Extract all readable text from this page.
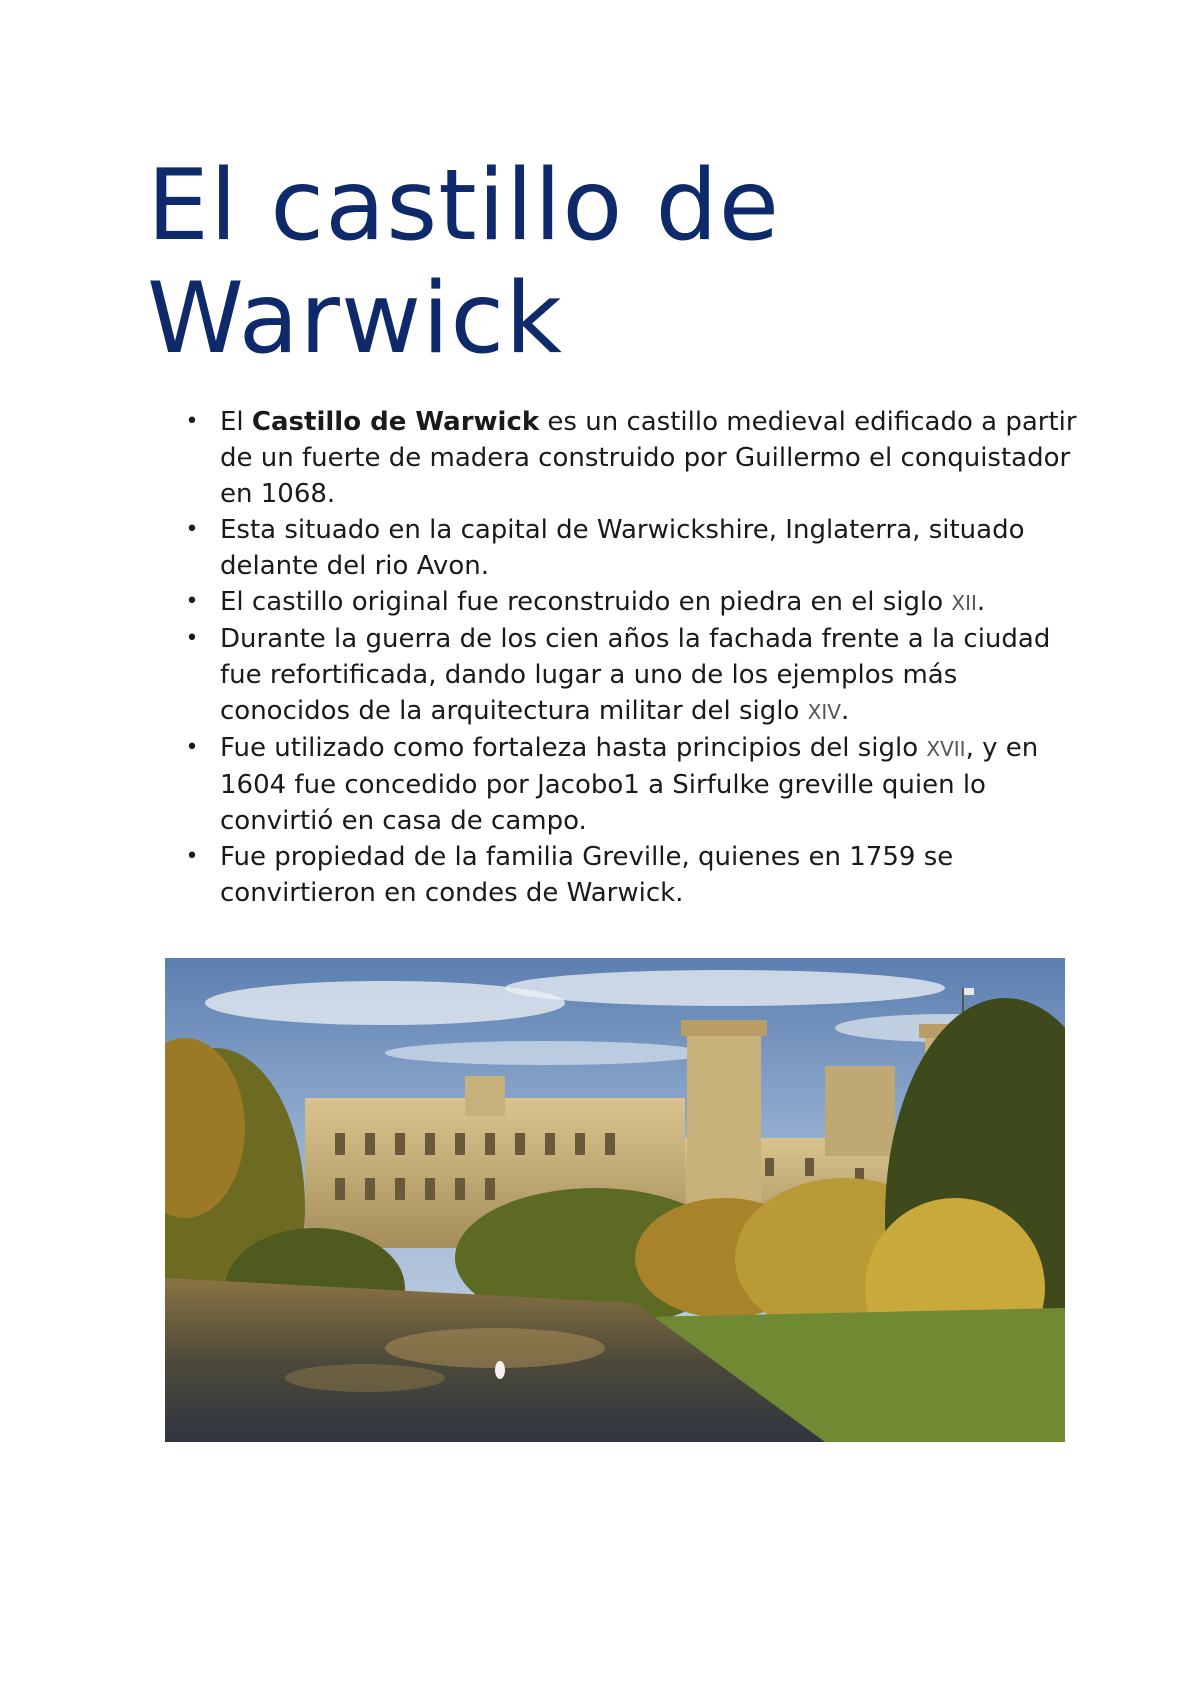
El castillo de Warwick
• El Castillo de Warwick es un castillo medieval edificado a partir de un fuerte de madera construido por Guillermo el conquistador en 1068.
• Esta situado en la capital de Warwickshire, Inglaterra, situado delante del rio Avon.
• El castillo original fue reconstruido en piedra en el siglo XII.
• Durante la guerra de los cien años la fachada frente a la ciudad fue refortificada, dando lugar a uno de los ejemplos más conocidos de la arquitectura militar del siglo XIV.
• Fue utilizado como fortaleza hasta principios del siglo XVII, y en 1604 fue concedido por Jacobo1 a Sirfulke greville quien lo convirtió en casa de campo.
• Fue propiedad de la familia Greville, quienes en 1759 se convirtieron en condes de Warwick.
